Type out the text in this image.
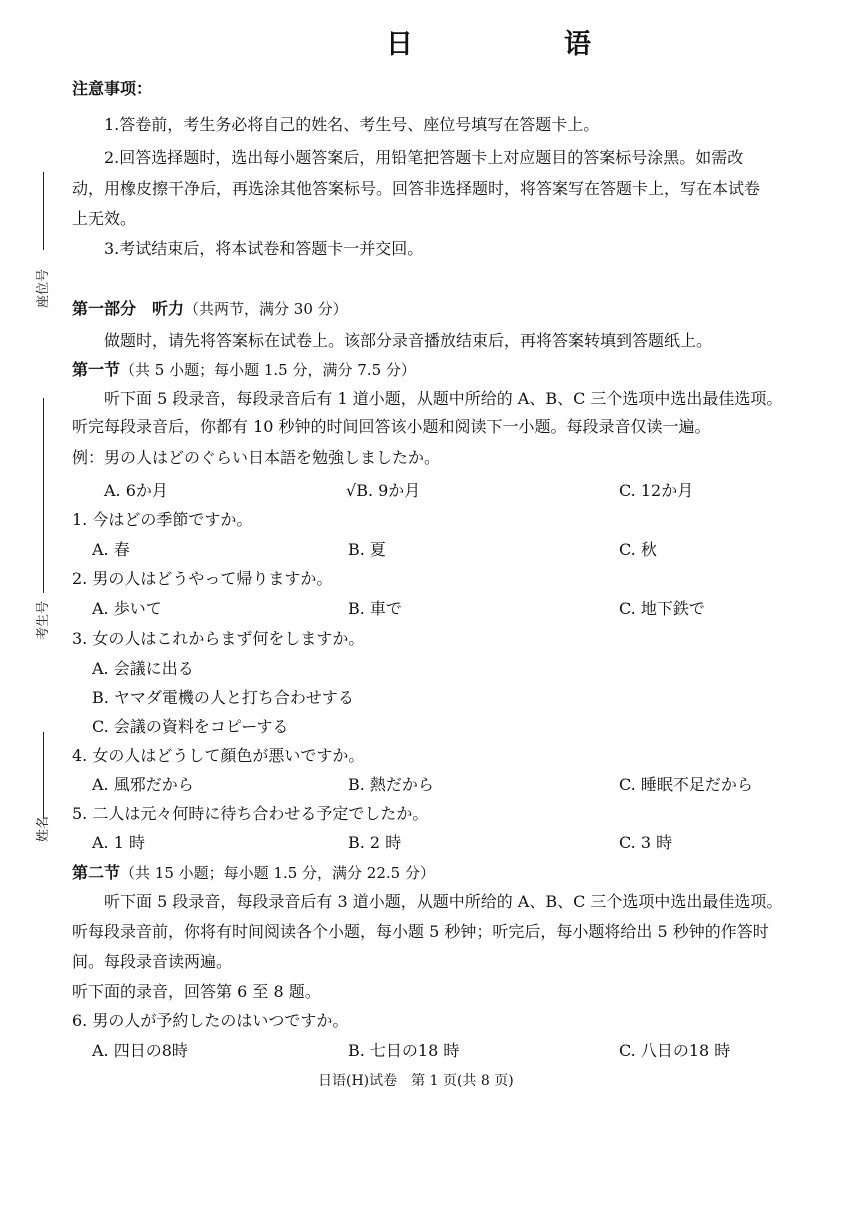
日　语
座位号
考生号
姓名
注意事项：
1.答卷前，考生务必将自己的姓名、考生号、座位号填写在答题卡上。
2.回答选择题时，选出每小题答案后，用铅笔把答题卡上对应题目的答案标号涂黑。如需改
动，用橡皮擦干净后，再选涂其他答案标号。回答非选择题时，将答案写在答题卡上，写在本试卷
上无效。
3.考试结束后，将本试卷和答题卡一并交回。
第一部分　听力（共两节，满分 30 分）
做题时，请先将答案标在试卷上。该部分录音播放结束后，再将答案转填到答题纸上。
第一节（共 5 小题；每小题 1.5 分，满分 7.5 分）
听下面 5 段录音，每段录音后有 1 道小题，从题中所给的 A、B、C 三个选项中选出最佳选项。
听完每段录音后，你都有 10 秒钟的时间回答该小题和阅读下一小题。每段录音仅读一遍。
例：男の人はどのぐらい日本語を勉強しましたか。
A. 6か月	√B. 9か月	C. 12か月
1. 今はどの季節ですか。
A. 春	B. 夏	C. 秋
2. 男の人はどうやって帰りますか。
A. 歩いて	B. 車で	C. 地下鉄で
3. 女の人はこれからまず何をしますか。
A. 会議に出る
B. ヤマダ電機の人と打ち合わせする
C. 会議の資料をコピーする
4. 女の人はどうして顔色が悪いですか。
A. 風邪だから	B. 熱だから	C. 睡眠不足だから
5. 二人は元々何時に待ち合わせる予定でしたか。
A. 1 時	B. 2 時	C. 3 時
第二节（共 15 小题；每小题 1.5 分，满分 22.5 分）
听下面 5 段录音，每段录音后有 3 道小题，从题中所给的 A、B、C 三个选项中选出最佳选项。
听每段录音前，你将有时间阅读各个小题，每小题 5 秒钟；听完后，每小题将给出 5 秒钟的作答时
间。每段录音读两遍。
听下面的录音，回答第 6 至 8 题。
6. 男の人が予約したのはいつですか。
A. 四日の8時	B. 七日の18 時	C. 八日の18 時
日语(H)试卷　第 1 页(共 8 页)
